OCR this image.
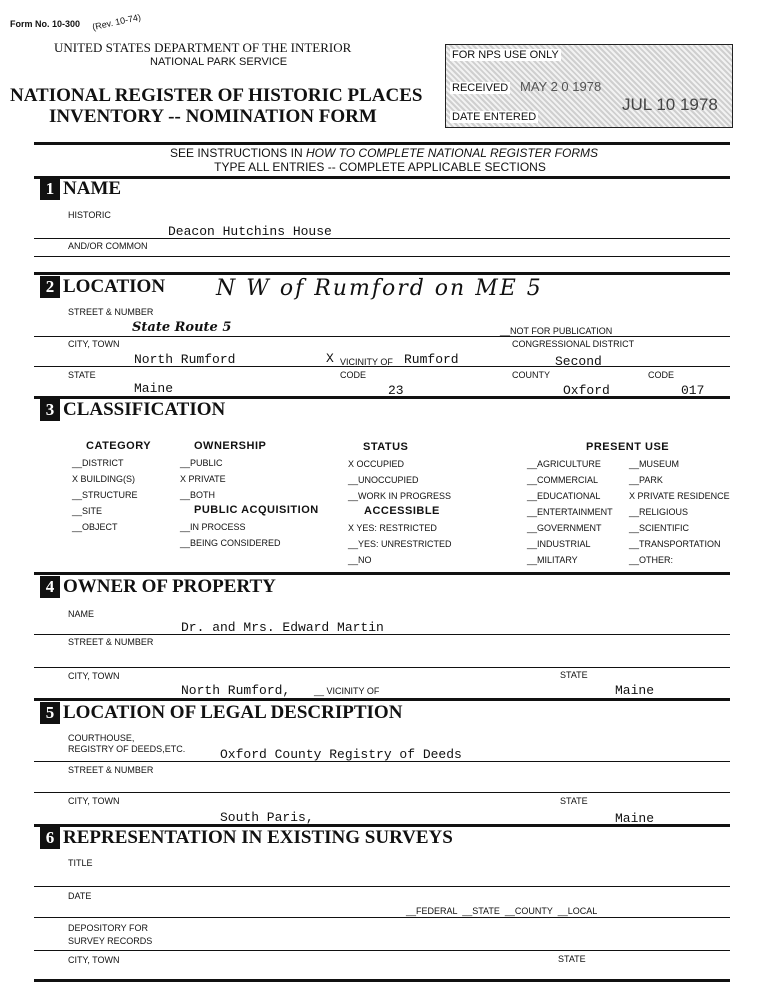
Form No. 10-300 (Rev. 10-74)
UNITED STATES DEPARTMENT OF THE INTERIOR
NATIONAL PARK SERVICE
NATIONAL REGISTER OF HISTORIC PLACES
INVENTORY -- NOMINATION FORM
FOR NPS USE ONLY
RECEIVED MAY 2 0 1978
DATE ENTERED
JUL 10 1978
SEE INSTRUCTIONS IN HOW TO COMPLETE NATIONAL REGISTER FORMS
TYPE ALL ENTRIES -- COMPLETE APPLICABLE SECTIONS
1 NAME
HISTORIC
Deacon Hutchins House
AND/OR COMMON
2 LOCATION N W of Rumford on ME 5
STREET & NUMBER
State Route 5	__NOT FOR PUBLICATION
CITY, TOWN	CONGRESSIONAL DISTRICT
North Rumford	X VICINITY OF Rumford	Second
STATE	CODE	COUNTY	CODE
Maine	23	Oxford	017
3 CLASSIFICATION
CATEGORY
__DISTRICT
X BUILDING(S)
__STRUCTURE
__SITE
__OBJECT
OWNERSHIP
__PUBLIC
X PRIVATE
__BOTH
PUBLIC ACQUISITION
__IN PROCESS
__BEING CONSIDERED
STATUS
X OCCUPIED
__UNOCCUPIED
__WORK IN PROGRESS
ACCESSIBLE
X YES: RESTRICTED
__YES: UNRESTRICTED
__NO
PRESENT USE
__AGRICULTURE
__COMMERCIAL
__EDUCATIONAL
__ENTERTAINMENT
__GOVERNMENT
__INDUSTRIAL
__MILITARY
__MUSEUM
__PARK
X PRIVATE RESIDENCE
__RELIGIOUS
__SCIENTIFIC
__TRANSPORTATION
__OTHER:
4 OWNER OF PROPERTY
NAME
Dr. and Mrs. Edward Martin
STREET & NUMBER
CITY, TOWN	STATE
North Rumford,	__ VICINITY OF	Maine
5 LOCATION OF LEGAL DESCRIPTION
COURTHOUSE,
REGISTRY OF DEEDS,ETC.	Oxford County Registry of Deeds
STREET & NUMBER
CITY, TOWN	STATE
South Paris,	Maine
6 REPRESENTATION IN EXISTING SURVEYS
TITLE
DATE
__FEDERAL  __STATE  __COUNTY  __LOCAL
DEPOSITORY FOR
SURVEY RECORDS
CITY, TOWN	STATE
